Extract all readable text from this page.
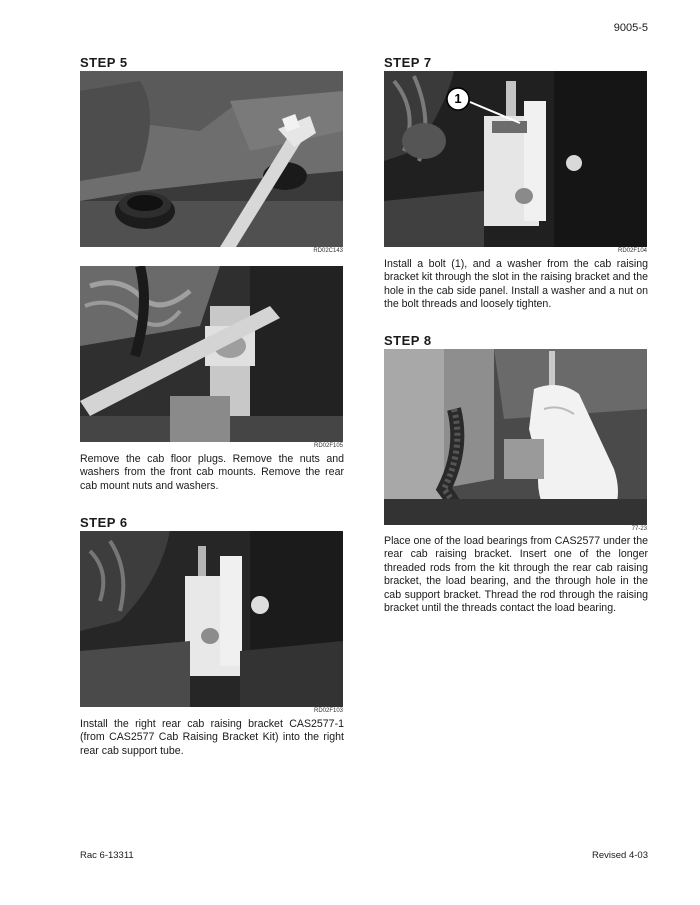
9005-5
STEP 5
RD02C143
RD02F105
Remove the cab floor plugs. Remove the nuts and washers from the front cab mounts. Remove the rear cab mount nuts and washers.
STEP 6
RD02F103
Install the right rear cab raising bracket CAS2577-1 (from CAS2577 Cab Raising Bracket Kit) into the right rear cab support tube.
STEP 7
1
RD02F104
Install a bolt (1), and a washer from the cab raising bracket kit through the slot in the raising bracket and the hole in the cab side panel. Install a washer and a nut on the bolt threads and loosely tighten.
STEP 8
77-23
Place one of the load bearings from CAS2577 under the rear cab raising bracket. Insert one of the longer threaded rods from the kit through the rear cab raising bracket, the load bearing, and the through hole in the cab support bracket. Thread the rod through the raising bracket until the threads contact the load bearing.
Rac 6-13311	Revised 4-03
